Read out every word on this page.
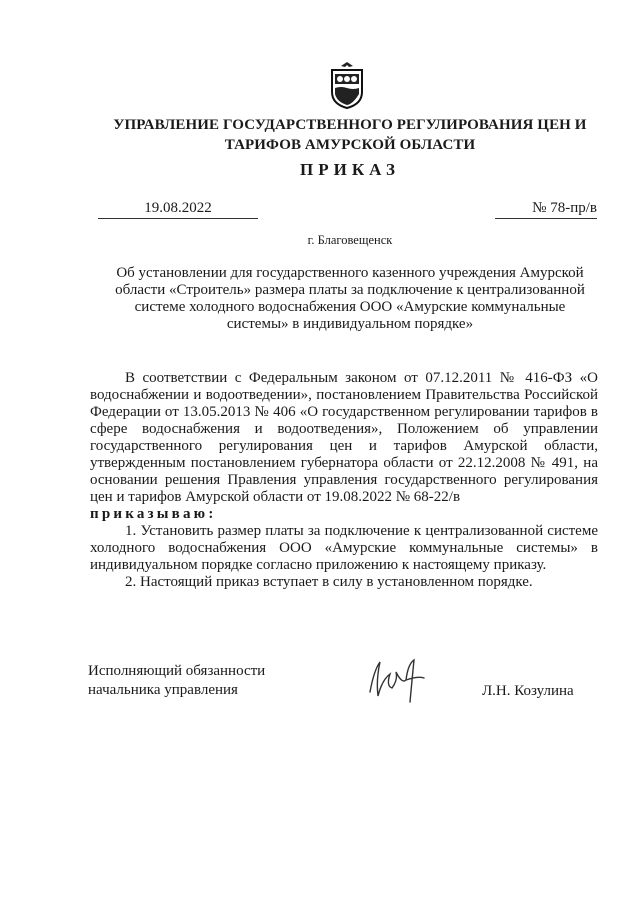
УПРАВЛЕНИЕ ГОСУДАРСТВЕННОГО РЕГУЛИРОВАНИЯ ЦЕН И
ТАРИФОВ АМУРСКОЙ ОБЛАСТИ
ПРИКАЗ
19.08.2022	№ 78-пр/в
г. Благовещенск
Об установлении для государственного казенного учреждения Амурской области «Строитель» размера платы за подключение к централизованной системе холодного водоснабжения ООО «Амурские коммунальные системы» в индивидуальном порядке»

В соответствии с Федеральным законом от 07.12.2011 № 416-ФЗ «О водоснабжении и водоотведении», постановлением Правительства Российской Федерации от 13.05.2013 № 406 «О государственном регулировании тарифов в сфере водоснабжения и водоотведения», Положением об управлении государственного регулирования цен и тарифов Амурской области, утвержденным постановлением губернатора области от 22.12.2008 № 491, на основании решения Правления управления государственного регулирования цен и тарифов Амурской области от 19.08.2022 № 68-22/в

приказываю:

1. Установить размер платы за подключение к централизованной системе холодного водоснабжения ООО «Амурские коммунальные системы» в индивидуальном порядке согласно приложению к настоящему приказу.

2. Настоящий приказ вступает в силу в установленном порядке.

Исполняющий обязанности
начальника управления	Л.Н. Козулина
